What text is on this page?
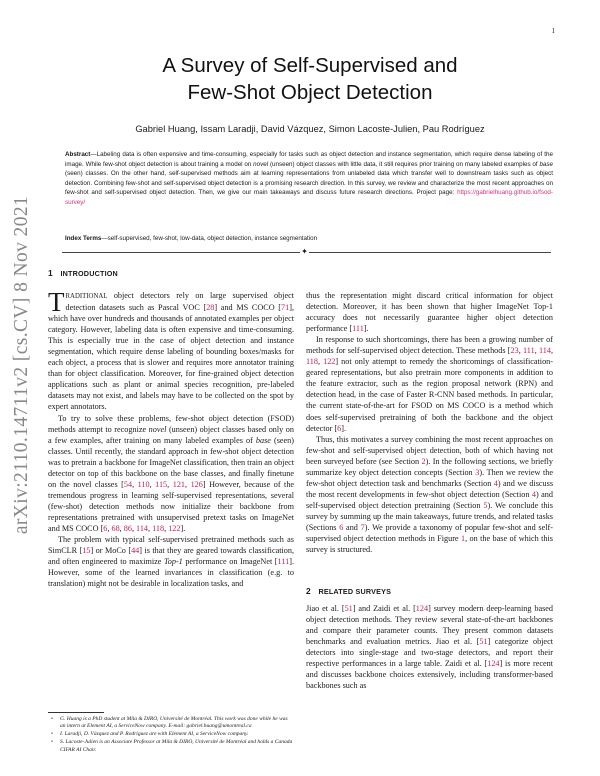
1
arXiv:2110.14711v2 [cs.CV] 8 Nov 2021
A Survey of Self-Supervised and
Few-Shot Object Detection
Gabriel Huang, Issam Laradji, David Vázquez, Simon Lacoste-Julien, Pau Rodríguez

Abstract—Labeling data is often expensive and time-consuming, especially for tasks such as object detection and instance segmentation, which require dense labeling of the image. While few-shot object detection is about training a model on novel (unseen) object classes with little data, it still requires prior training on many labeled examples of base (seen) classes. On the other hand, self-supervised methods aim at learning representations from unlabeled data which transfer well to downstream tasks such as object detection. Combining few-shot and self-supervised object detection is a promising research direction. In this survey, we review and characterize the most recent approaches on few-shot and self-supervised object detection. Then, we give our main takeaways and discuss future research directions. Project page: https://gabrielhuang.github.io/fsod-survey/

Index Terms—self-supervised, few-shot, low-data, object detection, instance segmentation

✦
1 INTRODUCTION

TRADITIONAL object detectors rely on large supervised object detection datasets such as Pascal VOC [28] and MS COCO [71], which have over hundreds and thousands of annotated examples per object category. However, labeling data is often expensive and time-consuming. This is especially true in the case of object detection and instance segmentation, which require dense labeling of bounding boxes/masks for each object, a process that is slower and requires more annotator training than for object classification. Moreover, for fine-grained object detection applications such as plant or animal species recognition, pre-labeled datasets may not exist, and labels may have to be collected on the spot by expert annotators.

To try to solve these problems, few-shot object detection (FSOD) methods attempt to recognize novel (unseen) object classes based only on a few examples, after training on many labeled examples of base (seen) classes. Until recently, the standard approach in few-shot object detection was to pretrain a backbone for ImageNet classification, then train an object detector on top of this backbone on the base classes, and finally finetune on the novel classes [54, 110, 115, 121, 126] However, because of the tremendous progress in learning self-supervised representations, several (few-shot) detection methods now initialize their backbone from representations pretrained with unsupervised pretext tasks on ImageNet and MS COCO [6, 68, 86, 114, 118, 122].

The problem with typical self-supervised pretrained methods such as SimCLR [15] or MoCo [44] is that they are geared towards classification, and often engineered to maximize Top-1 performance on ImageNet [111]. However, some of the learned invariances in classification (e.g. to translation) might not be desirable in localization tasks, and

thus the representation might discard critical information for object detection. Moreover, it has been shown that higher ImageNet Top-1 accuracy does not necessarily guarantee higher object detection performance [111].

In response to such shortcomings, there has been a growing number of methods for self-supervised object detection. These methods [23, 111, 114, 118, 122] not only attempt to remedy the shortcomings of classification-geared representations, but also pretrain more components in addition to the feature extractor, such as the region proposal network (RPN) and detection head, in the case of Faster R-CNN based methods. In particular, the current state-of-the-art for FSOD on MS COCO is a method which does self-supervised pretraining of both the backbone and the object detector [6].

Thus, this motivates a survey combining the most recent approaches on few-shot and self-supervised object detection, both of which having not been surveyed before (see Section 2). In the following sections, we briefly summarize key object detection concepts (Section 3). Then we review the few-shot object detection task and benchmarks (Section 4) and we discuss the most recent developments in few-shot object detection (Section 4) and self-supervised object detection pretraining (Section 5). We conclude this survey by summing up the main takeaways, future trends, and related tasks (Sections 6 and 7). We provide a taxonomy of popular few-shot and self-supervised object detection methods in Figure 1, on the base of which this survey is structured.

2 RELATED SURVEYS

Jiao et al. [51] and Zaidi et al. [124] survey modern deep-learning based object detection methods. They review several state-of-the-art backbones and compare their parameter counts. They present common datasets benchmarks and evaluation metrics. Jiao et al. [51] categorize object detectors into single-stage and two-stage detectors, and report their respective performances in a large table. Zaidi et al. [124] is more recent and discusses backbone choices extensively, including transformer-based backbones such as

• G. Huang is a PhD student at Mila & DIRO, Université de Montréal. This work was done while he was an intern at Element AI, a ServiceNow company. E-mail: gabriel.huang@umontreal.ca
• I. Laradji, D. Vázquez and P. Rodríguez are with Element AI, a ServiceNow company.
• S. Lacoste-Julien is an Associate Professor at Mila & DIRO, Université de Montréal and holds a Canada CIFAR AI Chair.
